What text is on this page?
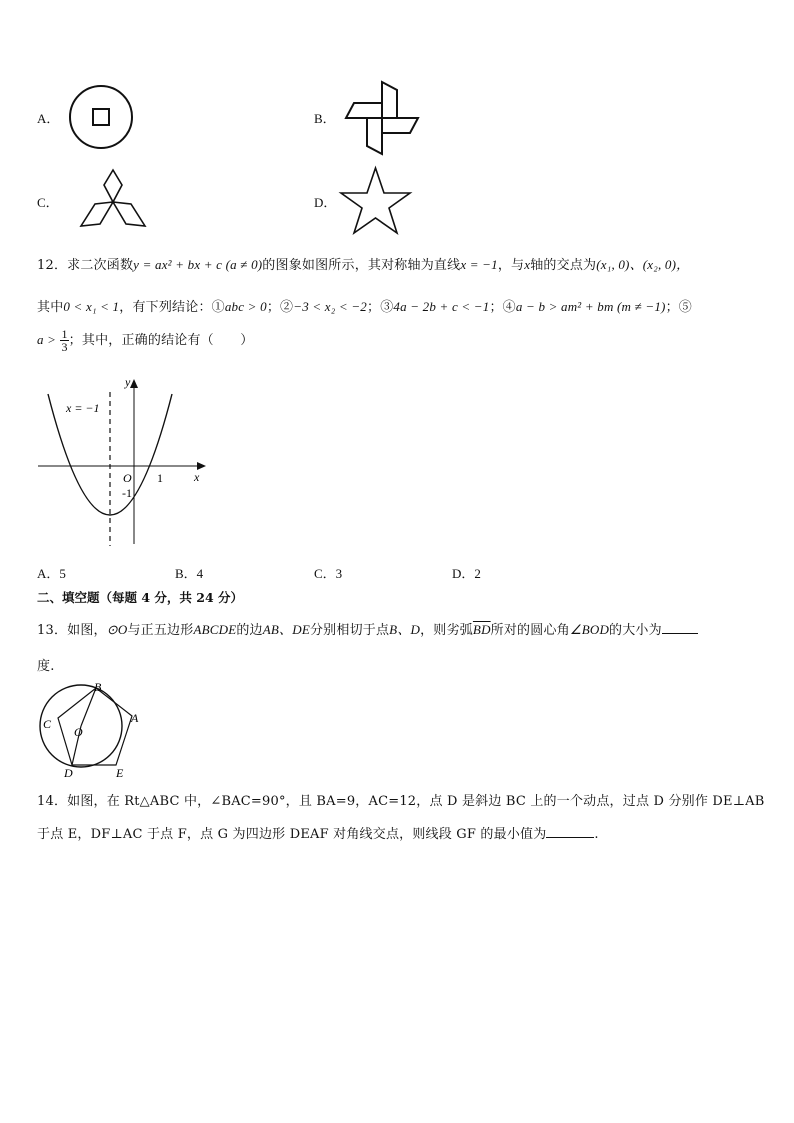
A．	B．
C．	D．
12．求二次函数y = ax² + bx + c (a ≠ 0)的图象如图所示，其对称轴为直线x = −1，与x轴的交点为(x₁, 0)、(x₂, 0)，
其中0 < x₁ < 1，有下列结论：①abc > 0；②−3 < x₂ < −2；③4a − 2b + c < −1；④a − b > am² + bm (m ≠ −1)；⑤
$a > \frac{1}{3}$ ；其中，正确的结论有（　　）
y
x
O 1
-1
x = −1
A．5	B．4	C．3	D．2
二、填空题（每题 4 分，共 24 分）
13．如图，⊙O与正五边形ABCDE的边AB、DE分别相切于点B、D，则劣弧$\overline{BD}$所对的圆心角∠BOD的大小为
度.
B
A
C
O
D	E
14．如图，在 Rt△ABC 中，∠BAC=90°，且 BA=9，AC=12，点 D 是斜边 BC 上的一个动点，过点 D 分别作 DE⊥AB
于点 E，DF⊥AC 于点 F，点 G 为四边形 DEAF 对角线交点，则线段 GF 的最小值为	.
